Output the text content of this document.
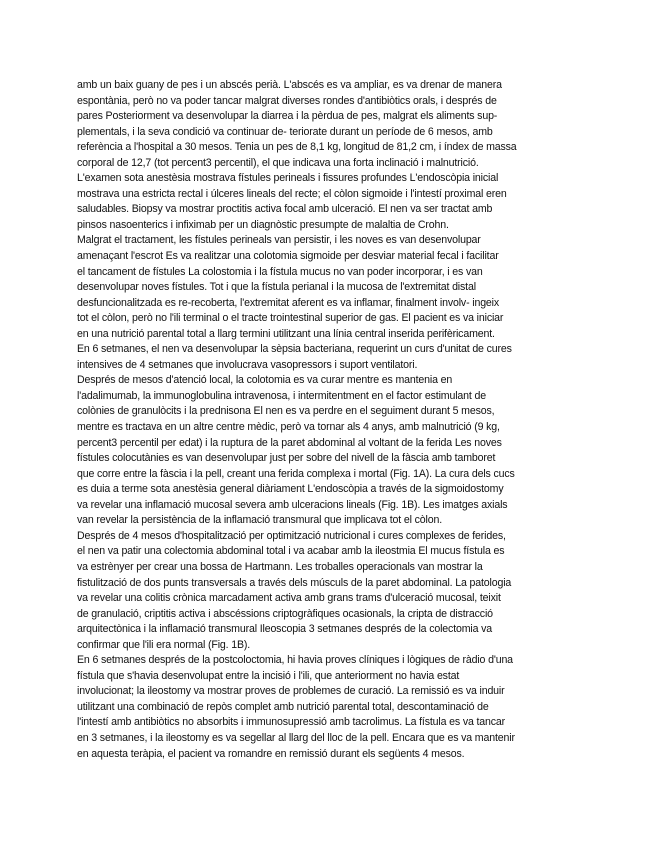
amb un baix guany de pes i un abscés perià. L'abscés es va ampliar, es va drenar de manera
espontània, però no va poder tancar malgrat diverses rondes d'antibiòtics orals, i després de
pares Posteriorment va desenvolupar la diarrea i la pèrdua de pes, malgrat els aliments sup-
plementals, i la seva condició va continuar de- teriorate durant un període de 6 mesos, amb
referència a l'hospital a 30 mesos. Tenia un pes de 8,1 kg, longitud de 81,2 cm, i índex de massa
corporal de 12,7 (tot percent3 percentil), el que indicava una forta inclinació i malnutrició.
L'examen sota anestèsia mostrava fístules perineals i fissures profundes L'endoscòpia inicial
mostrava una estricta rectal i úlceres lineals del recte; el còlon sigmoide i l'intestí proximal eren
saludables. Biopsy va mostrar proctitis activa focal amb ulceració. El nen va ser tractat amb
pinsos nasoenterics i infiximab per un diagnòstic presumpte de malaltia de Crohn.
Malgrat el tractament, les fístules perineals van persistir, i les noves es van desenvolupar
amenaçant l'escrot Es va realitzar una colotomia sigmoide per desviar material fecal i facilitar
el tancament de fístules La colostomia i la fístula mucus no van poder incorporar, i es van
desenvolupar noves fístules. Tot i que la fístula perianal i la mucosa de l'extremitat distal
desfuncionalitzada es re-recoberta, l'extremitat aferent es va inflamar, finalment involv- ingeix
tot el còlon, però no l'ili terminal o el tracte trointestinal superior de gas. El pacient es va iniciar
en una nutrició parental total a llarg termini utilitzant una línia central inserida perifèricament.
En 6 setmanes, el nen va desenvolupar la sèpsia bacteriana, requerint un curs d'unitat de cures
intensives de 4 setmanes que involucrava vasopressors i suport ventilatori.
Després de mesos d'atenció local, la colotomia es va curar mentre es mantenia en
l'adalimumab, la immunoglobulina intravenosa, i intermitentment en el factor estimulant de
colònies de granulòcits i la prednisona El nen es va perdre en el seguiment durant 5 mesos,
mentre es tractava en un altre centre mèdic, però va tornar als 4 anys, amb malnutrició (9 kg,
percent3 percentil per edat) i la ruptura de la paret abdominal al voltant de la ferida Les noves
fístules colocutànies es van desenvolupar just per sobre del nivell de la fàscia amb tamboret
que corre entre la fàscia i la pell, creant una ferida complexa i mortal (Fig. 1A). La cura dels cucs
es duia a terme sota anestèsia general diàriament L'endoscòpia a través de la sigmoidostomy
va revelar una inflamació mucosal severa amb ulceracions lineals (Fig. 1B). Les imatges axials
van revelar la persistència de la inflamació transmural que implicava tot el còlon.
Després de 4 mesos d'hospitalització per optimització nutricional i cures complexes de ferides,
el nen va patir una colectomia abdominal total i va acabar amb la ileostmia El mucus fístula es
va estrènyer per crear una bossa de Hartmann. Les troballes operacionals van mostrar la
fistulització de dos punts transversals a través dels músculs de la paret abdominal. La patologia
va revelar una colitis crònica marcadament activa amb grans trams d'ulceració mucosal, teixit
de granulació, criptitis activa i abscéssions criptogràfiques ocasionals, la cripta de distracció
arquitectònica i la inflamació transmural Ileoscopia 3 setmanes després de la colectomia va
confirmar que l'ili era normal (Fig. 1B).
En 6 setmanes després de la postcoloctomia, hi havia proves clíniques i lògiques de ràdio d'una
fístula que s'havia desenvolupat entre la incisió i l'ili, que anteriorment no havia estat
involucionat; la ileostomy va mostrar proves de problemes de curació. La remissió es va induir
utilitzant una combinació de repòs complet amb nutrició parental total, descontaminació de
l'intestí amb antibiòtics no absorbits i immunosupressió amb tacrolimus. La fístula es va tancar
en 3 setmanes, i la ileostomy es va segellar al llarg del lloc de la pell. Encara que es va mantenir
en aquesta teràpia, el pacient va romandre en remissió durant els següents 4 mesos.
